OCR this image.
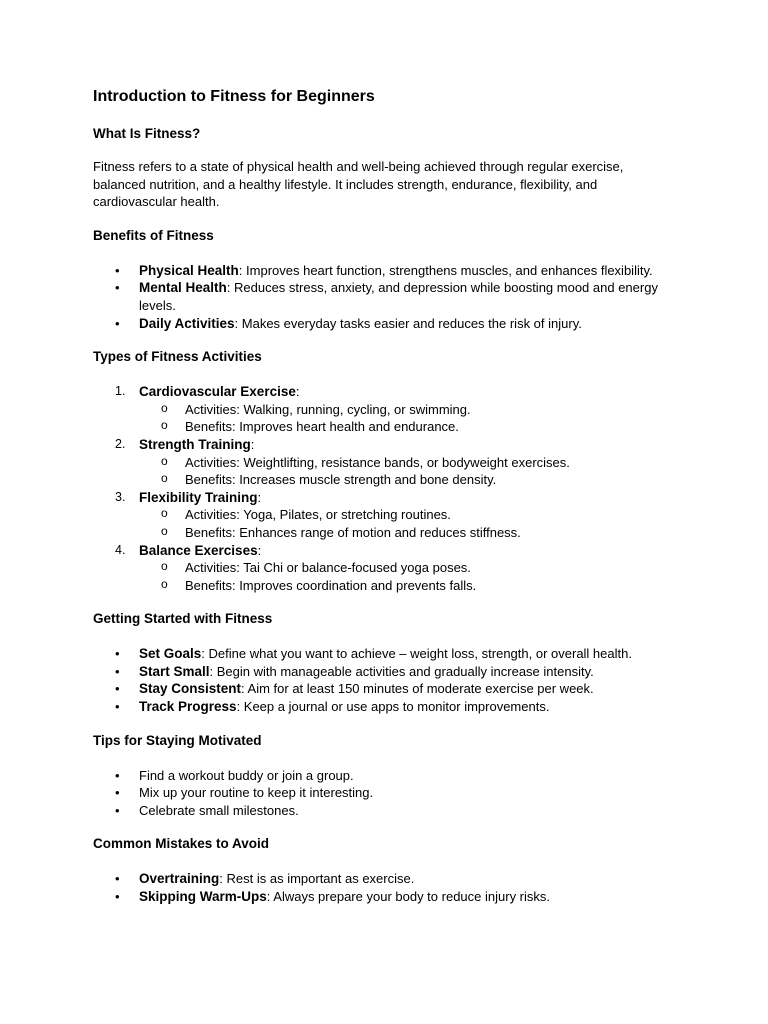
Introduction to Fitness for Beginners
What Is Fitness?

Fitness refers to a state of physical health and well-being achieved through regular exercise, balanced nutrition, and a healthy lifestyle. It includes strength, endurance, flexibility, and cardiovascular health.

Benefits of Fitness
• Physical Health: Improves heart function, strengthens muscles, and enhances flexibility.
• Mental Health: Reduces stress, anxiety, and depression while boosting mood and energy levels.
• Daily Activities: Makes everyday tasks easier and reduces the risk of injury.
Types of Fitness Activities
1. Cardiovascular Exercise:
o Activities: Walking, running, cycling, or swimming.
o Benefits: Improves heart health and endurance.
2. Strength Training:
o Activities: Weightlifting, resistance bands, or bodyweight exercises.
o Benefits: Increases muscle strength and bone density.
3. Flexibility Training:
o Activities: Yoga, Pilates, or stretching routines.
o Benefits: Enhances range of motion and reduces stiffness.
4. Balance Exercises:
o Activities: Tai Chi or balance-focused yoga poses.
o Benefits: Improves coordination and prevents falls.
Getting Started with Fitness
• Set Goals: Define what you want to achieve – weight loss, strength, or overall health.
• Start Small: Begin with manageable activities and gradually increase intensity.
• Stay Consistent: Aim for at least 150 minutes of moderate exercise per week.
• Track Progress: Keep a journal or use apps to monitor improvements.
Tips for Staying Motivated
• Find a workout buddy or join a group.
• Mix up your routine to keep it interesting.
• Celebrate small milestones.
Common Mistakes to Avoid
• Overtraining: Rest is as important as exercise.
• Skipping Warm-Ups: Always prepare your body to reduce injury risks.
